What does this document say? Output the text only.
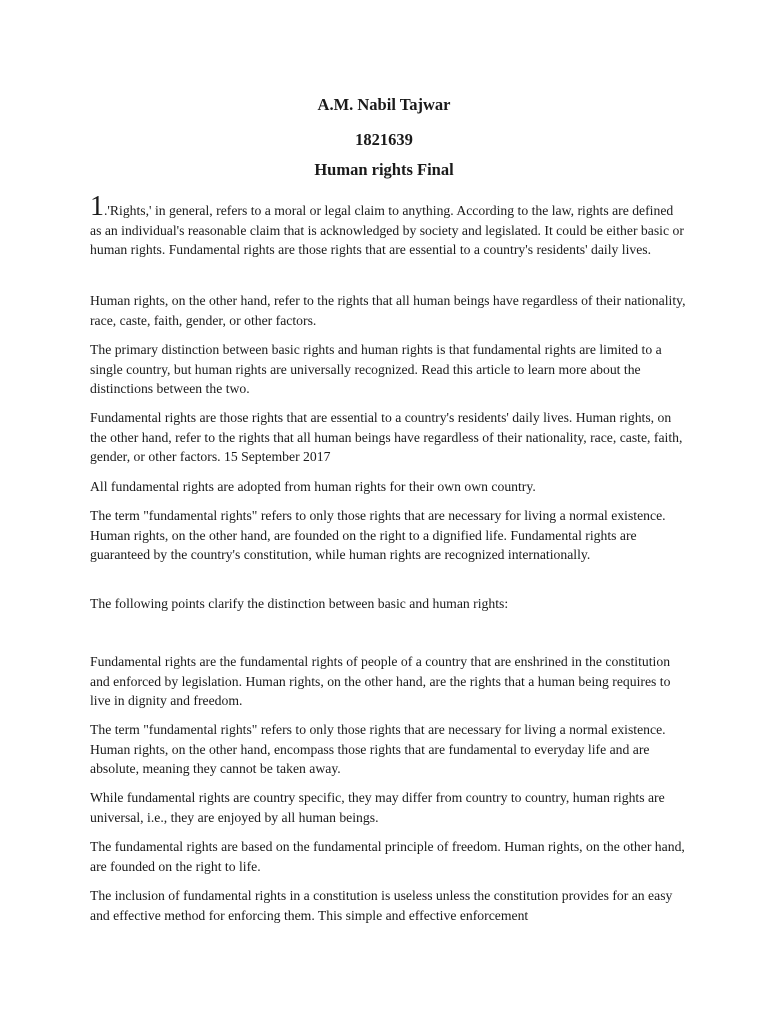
A.M. Nabil Tajwar
1821639
Human rights Final

1.'Rights,' in general, refers to a moral or legal claim to anything. According to the law, rights are defined as an individual's reasonable claim that is acknowledged by society and legislated. It could be either basic or human rights. Fundamental rights are those rights that are essential to a country's residents' daily lives.

Human rights, on the other hand, refer to the rights that all human beings have regardless of their nationality, race, caste, faith, gender, or other factors.

The primary distinction between basic rights and human rights is that fundamental rights are limited to a single country, but human rights are universally recognized. Read this article to learn more about the distinctions between the two.

Fundamental rights are those rights that are essential to a country's residents' daily lives. Human rights, on the other hand, refer to the rights that all human beings have regardless of their nationality, race, caste, faith, gender, or other factors. 15 September 2017

All fundamental rights are adopted from human rights for their own own country.

The term "fundamental rights" refers to only those rights that are necessary for living a normal existence. Human rights, on the other hand, are founded on the right to a dignified life. Fundamental rights are guaranteed by the country's constitution, while human rights are recognized internationally.

The following points clarify the distinction between basic and human rights:

Fundamental rights are the fundamental rights of people of a country that are enshrined in the constitution and enforced by legislation. Human rights, on the other hand, are the rights that a human being requires to live in dignity and freedom.

The term "fundamental rights" refers to only those rights that are necessary for living a normal existence. Human rights, on the other hand, encompass those rights that are fundamental to everyday life and are absolute, meaning they cannot be taken away.

While fundamental rights are country specific, they may differ from country to country, human rights are universal, i.e., they are enjoyed by all human beings.

The fundamental rights are based on the fundamental principle of freedom. Human rights, on the other hand, are founded on the right to life.

The inclusion of fundamental rights in a constitution is useless unless the constitution provides for an easy and effective method for enforcing them. This simple and effective enforcement
